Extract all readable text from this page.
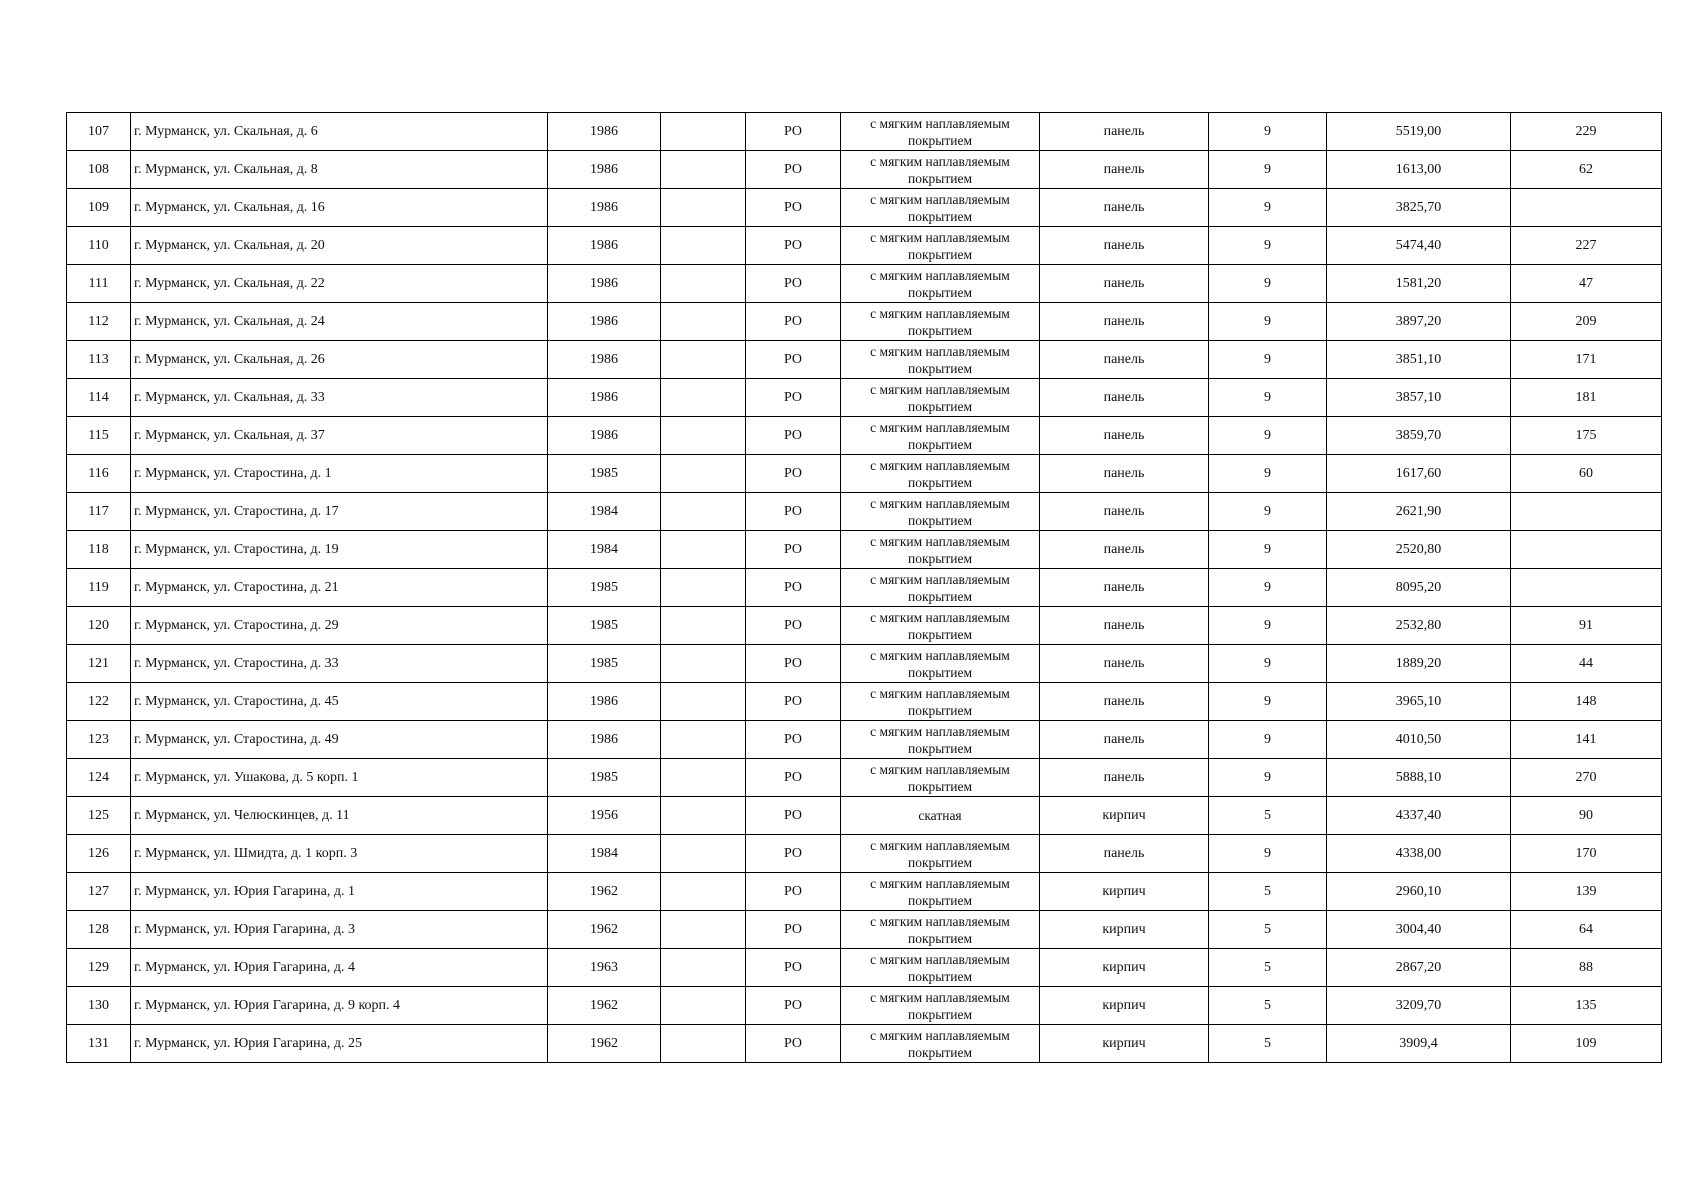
107	г. Мурманск, ул. Скальная, д. 6	1986		РО	с мягким наплавляемым покрытием	панель	9	5519,00	229
108	г. Мурманск, ул. Скальная, д. 8	1986		РО	с мягким наплавляемым покрытием	панель	9	1613,00	62
109	г. Мурманск, ул. Скальная, д. 16	1986		РО	с мягким наплавляемым покрытием	панель	9	3825,70	
110	г. Мурманск, ул. Скальная, д. 20	1986		РО	с мягким наплавляемым покрытием	панель	9	5474,40	227
111	г. Мурманск, ул. Скальная, д. 22	1986		РО	с мягким наплавляемым покрытием	панель	9	1581,20	47
112	г. Мурманск, ул. Скальная, д. 24	1986		РО	с мягким наплавляемым покрытием	панель	9	3897,20	209
113	г. Мурманск, ул. Скальная, д. 26	1986		РО	с мягким наплавляемым покрытием	панель	9	3851,10	171
114	г. Мурманск, ул. Скальная, д. 33	1986		РО	с мягким наплавляемым покрытием	панель	9	3857,10	181
115	г. Мурманск, ул. Скальная, д. 37	1986		РО	с мягким наплавляемым покрытием	панель	9	3859,70	175
116	г. Мурманск, ул. Старостина, д. 1	1985		РО	с мягким наплавляемым покрытием	панель	9	1617,60	60
117	г. Мурманск, ул. Старостина, д. 17	1984		РО	с мягким наплавляемым покрытием	панель	9	2621,90	
118	г. Мурманск, ул. Старостина, д. 19	1984		РО	с мягким наплавляемым покрытием	панель	9	2520,80	
119	г. Мурманск, ул. Старостина, д. 21	1985		РО	с мягким наплавляемым покрытием	панель	9	8095,20	
120	г. Мурманск, ул. Старостина, д. 29	1985		РО	с мягким наплавляемым покрытием	панель	9	2532,80	91
121	г. Мурманск, ул. Старостина, д. 33	1985		РО	с мягким наплавляемым покрытием	панель	9	1889,20	44
122	г. Мурманск, ул. Старостина, д. 45	1986		РО	с мягким наплавляемым покрытием	панель	9	3965,10	148
123	г. Мурманск, ул. Старостина, д. 49	1986		РО	с мягким наплавляемым покрытием	панель	9	4010,50	141
124	г. Мурманск, ул. Ушакова, д. 5 корп. 1	1985		РО	с мягким наплавляемым покрытием	панель	9	5888,10	270
125	г. Мурманск, ул. Челюскинцев, д. 11	1956		РО	скатная	кирпич	5	4337,40	90
126	г. Мурманск, ул. Шмидта, д. 1 корп. 3	1984		РО	с мягким наплавляемым покрытием	панель	9	4338,00	170
127	г. Мурманск, ул. Юрия Гагарина, д. 1	1962		РО	с мягким наплавляемым покрытием	кирпич	5	2960,10	139
128	г. Мурманск, ул. Юрия Гагарина, д. 3	1962		РО	с мягким наплавляемым покрытием	кирпич	5	3004,40	64
129	г. Мурманск, ул. Юрия Гагарина, д. 4	1963		РО	с мягким наплавляемым покрытием	кирпич	5	2867,20	88
130	г. Мурманск, ул. Юрия Гагарина, д. 9 корп. 4	1962		РО	с мягким наплавляемым покрытием	кирпич	5	3209,70	135
131	г. Мурманск, ул. Юрия Гагарина, д. 25	1962		РО	с мягким наплавляемым покрытием	кирпич	5	3909,4	109
